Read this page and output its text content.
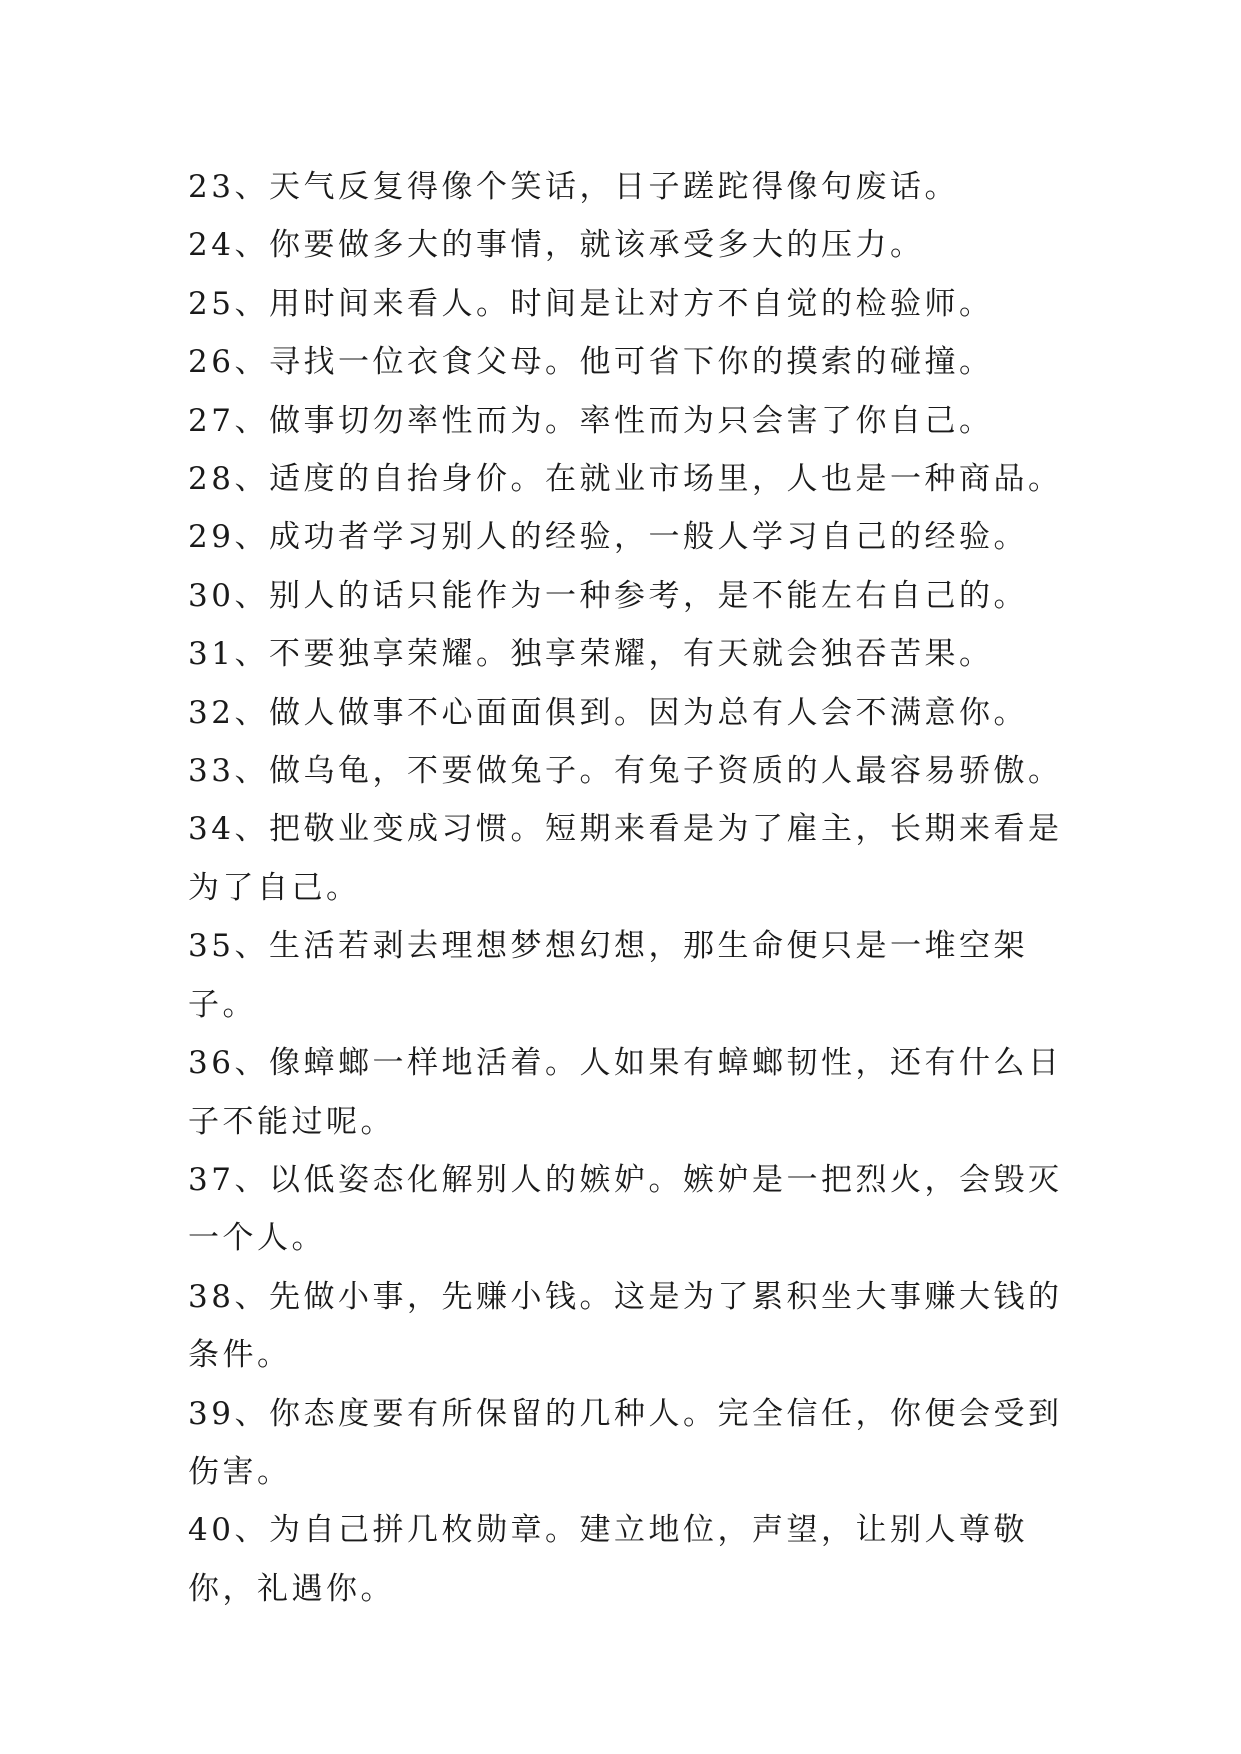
23、天气反复得像个笑话，日子蹉跎得像句废话。

24、你要做多大的事情，就该承受多大的压力。

25、用时间来看人。时间是让对方不自觉的检验师。

26、寻找一位衣食父母。他可省下你的摸索的碰撞。

27、做事切勿率性而为。率性而为只会害了你自己。

28、适度的自抬身价。在就业市场里，人也是一种商品。

29、成功者学习别人的经验，一般人学习自己的经验。

30、别人的话只能作为一种参考，是不能左右自己的。

31、不要独享荣耀。独享荣耀，有天就会独吞苦果。

32、做人做事不心面面俱到。因为总有人会不满意你。

33、做乌龟，不要做兔子。有兔子资质的人最容易骄傲。

34、把敬业变成习惯。短期来看是为了雇主，长期来看是为了自己。

35、生活若剥去理想梦想幻想，那生命便只是一堆空架子。

36、像蟑螂一样地活着。人如果有蟑螂韧性，还有什么日子不能过呢。

37、以低姿态化解别人的嫉妒。嫉妒是一把烈火，会毁灭一个人。

38、先做小事，先赚小钱。这是为了累积坐大事赚大钱的条件。

39、你态度要有所保留的几种人。完全信任，你便会受到伤害。

40、为自己拼几枚勋章。建立地位，声望，让别人尊敬你，礼遇你。
